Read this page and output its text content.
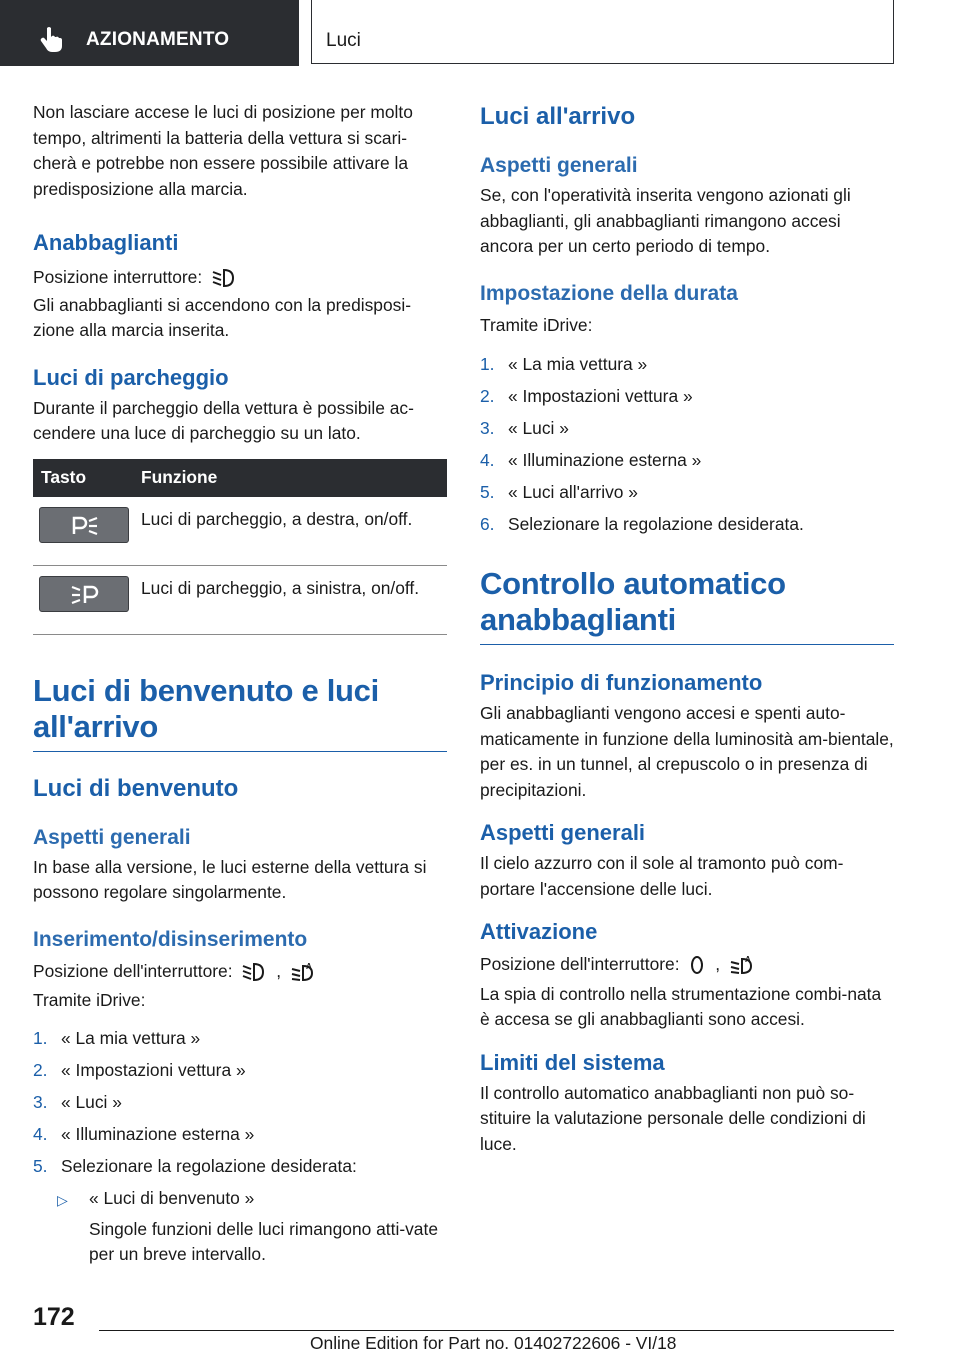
AZIONAMENTO	Luci

Non lasciare accese le luci di posizione per molto tempo, altrimenti la batteria della vettura si scari-cherà e potrebbe non essere possibile attivare la predisposizione alla marcia.

Anabbaglianti

Posizione interruttore:

Gli anabbaglianti si accendono con la predisposi-zione alla marcia inserita.

Luci di parcheggio

Durante il parcheggio della vettura è possibile ac-cendere una luce di parcheggio su un lato.

Tasto	Funzione

	Luci di parcheggio, a destra, on/off.

	Luci di parcheggio, a sinistra, on/off.
Luci di benvenuto e luci all'arrivo
Luci di benvenuto
Aspetti generali

In base alla versione, le luci esterne della vettura si possono regolare singolarmente.

Inserimento/disinserimento

Posizione dell'interruttore:	,	A

Tramite iDrive:

1. « La mia vettura »
2. « Impostazioni vettura »
3. « Luci »
4. « Illuminazione esterna »
5. Selezionare la regolazione desiderata:
▷ « Luci di benvenuto »
Singole funzioni delle luci rimangono atti-vate per un breve intervallo.
Luci all'arrivo
Aspetti generali

Se, con l'operatività inserita vengono azionati gli abbaglianti, gli anabbaglianti rimangono accesi ancora per un certo periodo di tempo.

Impostazione della durata

Tramite iDrive:

1. « La mia vettura »
2. « Impostazioni vettura »
3. « Luci »
4. « Illuminazione esterna »
5. « Luci all'arrivo »
6. Selezionare la regolazione desiderata.
Controllo automatico anabbaglianti
Principio di funzionamento

Gli anabbaglianti vengono accesi e spenti auto-maticamente in funzione della luminosità am-bientale, per es. in un tunnel, al crepuscolo o in presenza di precipitazioni.

Aspetti generali

Il cielo azzurro con il sole al tramonto può com-portare l'accensione delle luci.

Attivazione

Posizione dell'interruttore: ,	A

La spia di controllo nella strumentazione combi-nata è accesa se gli anabbaglianti sono accesi.

Limiti del sistema

Il controllo automatico anabbaglianti non può so-stituire la valutazione personale delle condizioni di luce.

172
Online Edition for Part no. 01402722606 - VI/18
